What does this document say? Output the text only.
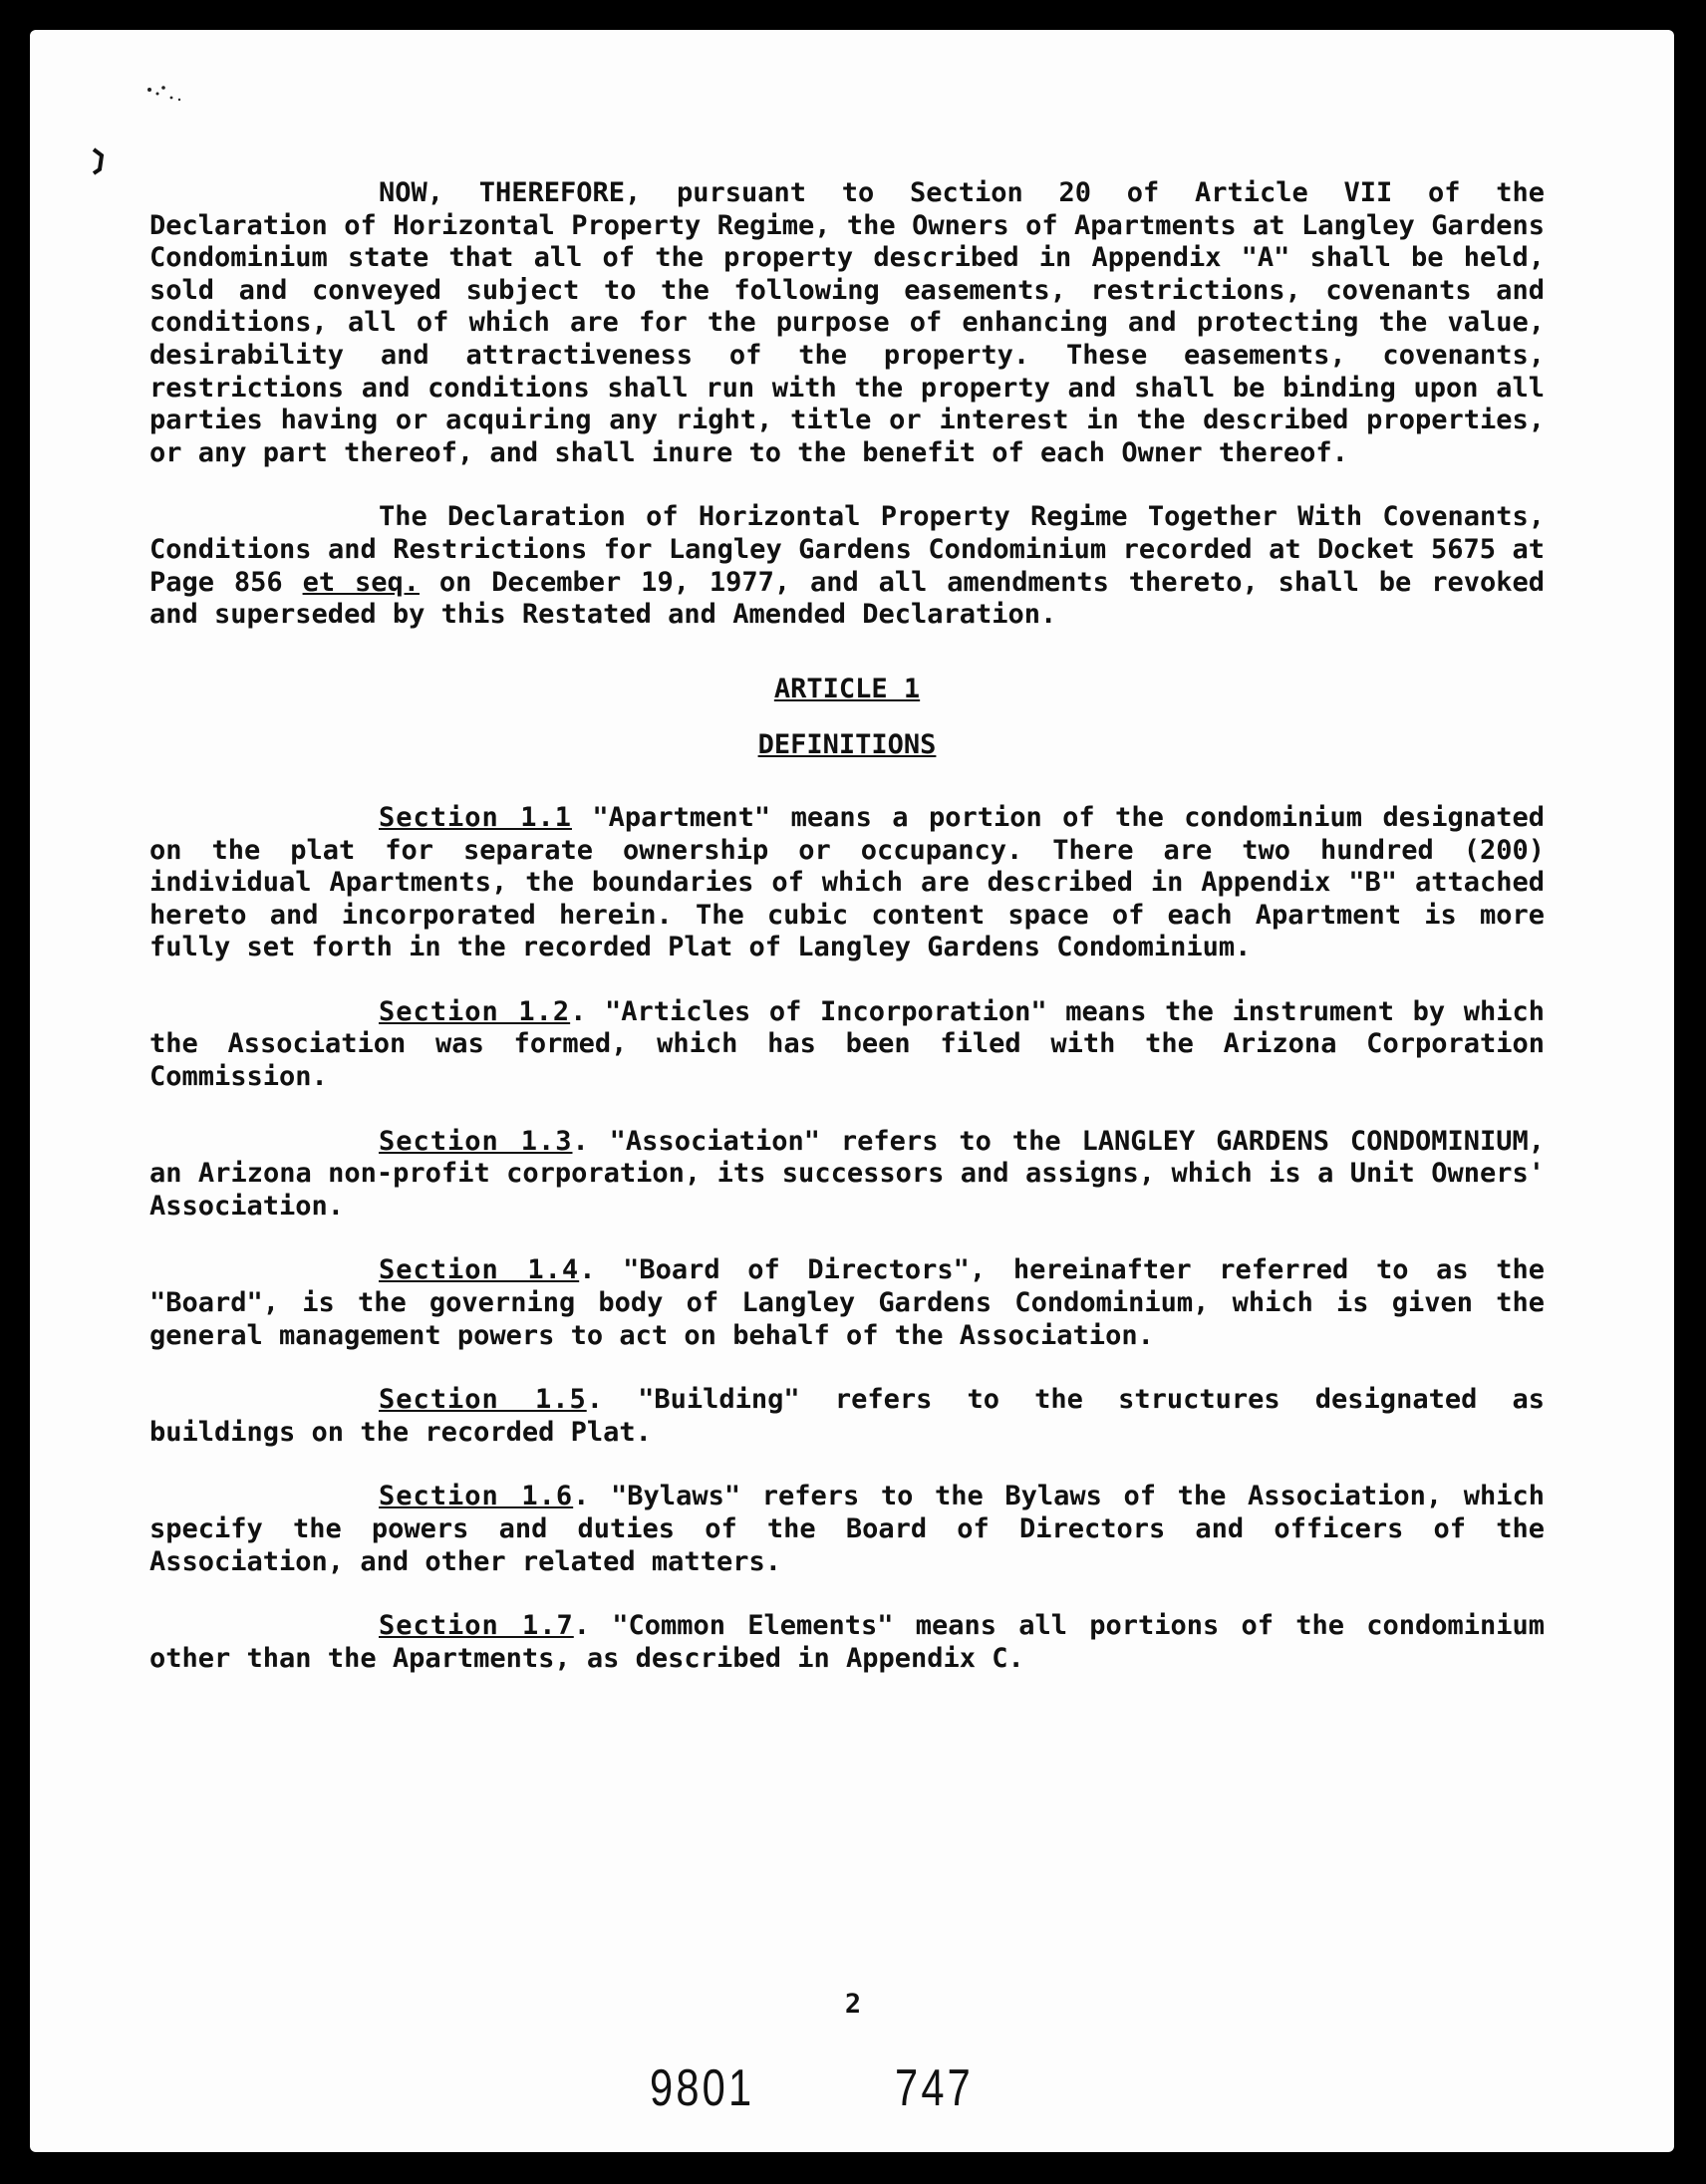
NOW, THEREFORE, pursuant to Section 20 of Article VII of the Declaration of Horizontal Property Regime, the Owners of Apartments at Langley Gardens Condominium state that all of the property described in Appendix "A" shall be held, sold and conveyed subject to the following easements, restrictions, covenants and conditions, all of which are for the purpose of enhancing and protecting the value, desirability and attractiveness of the property. These easements, covenants, restrictions and conditions shall run with the property and shall be binding upon all parties having or acquiring any right, title or interest in the described properties, or any part thereof, and shall inure to the benefit of each Owner thereof.

The Declaration of Horizontal Property Regime Together With Covenants, Conditions and Restrictions for Langley Gardens Condominium recorded at Docket 5675 at Page 856 et seq. on December 19, 1977, and all amendments thereto, shall be revoked and superseded by this Restated and Amended Declaration.

ARTICLE 1

DEFINITIONS

Section 1.1 "Apartment" means a portion of the condominium designated on the plat for separate ownership or occupancy. There are two hundred (200) individual Apartments, the boundaries of which are described in Appendix "B" attached hereto and incorporated herein. The cubic content space of each Apartment is more fully set forth in the recorded Plat of Langley Gardens Condominium.

Section 1.2. "Articles of Incorporation" means the instrument by which the Association was formed, which has been filed with the Arizona Corporation Commission.

Section 1.3. "Association" refers to the LANGLEY GARDENS CONDOMINIUM, an Arizona non-profit corporation, its successors and assigns, which is a Unit Owners' Association.

Section 1.4. "Board of Directors", hereinafter referred to as the "Board", is the governing body of Langley Gardens Condominium, which is given the general management powers to act on behalf of the Association.

Section 1.5. "Building" refers to the structures designated as buildings on the recorded Plat.

Section 1.6. "Bylaws" refers to the Bylaws of the Association, which specify the powers and duties of the Board of Directors and officers of the Association, and other related matters.

Section 1.7. "Common Elements" means all portions of the condominium other than the Apartments, as described in Appendix C.

2
9801	747
